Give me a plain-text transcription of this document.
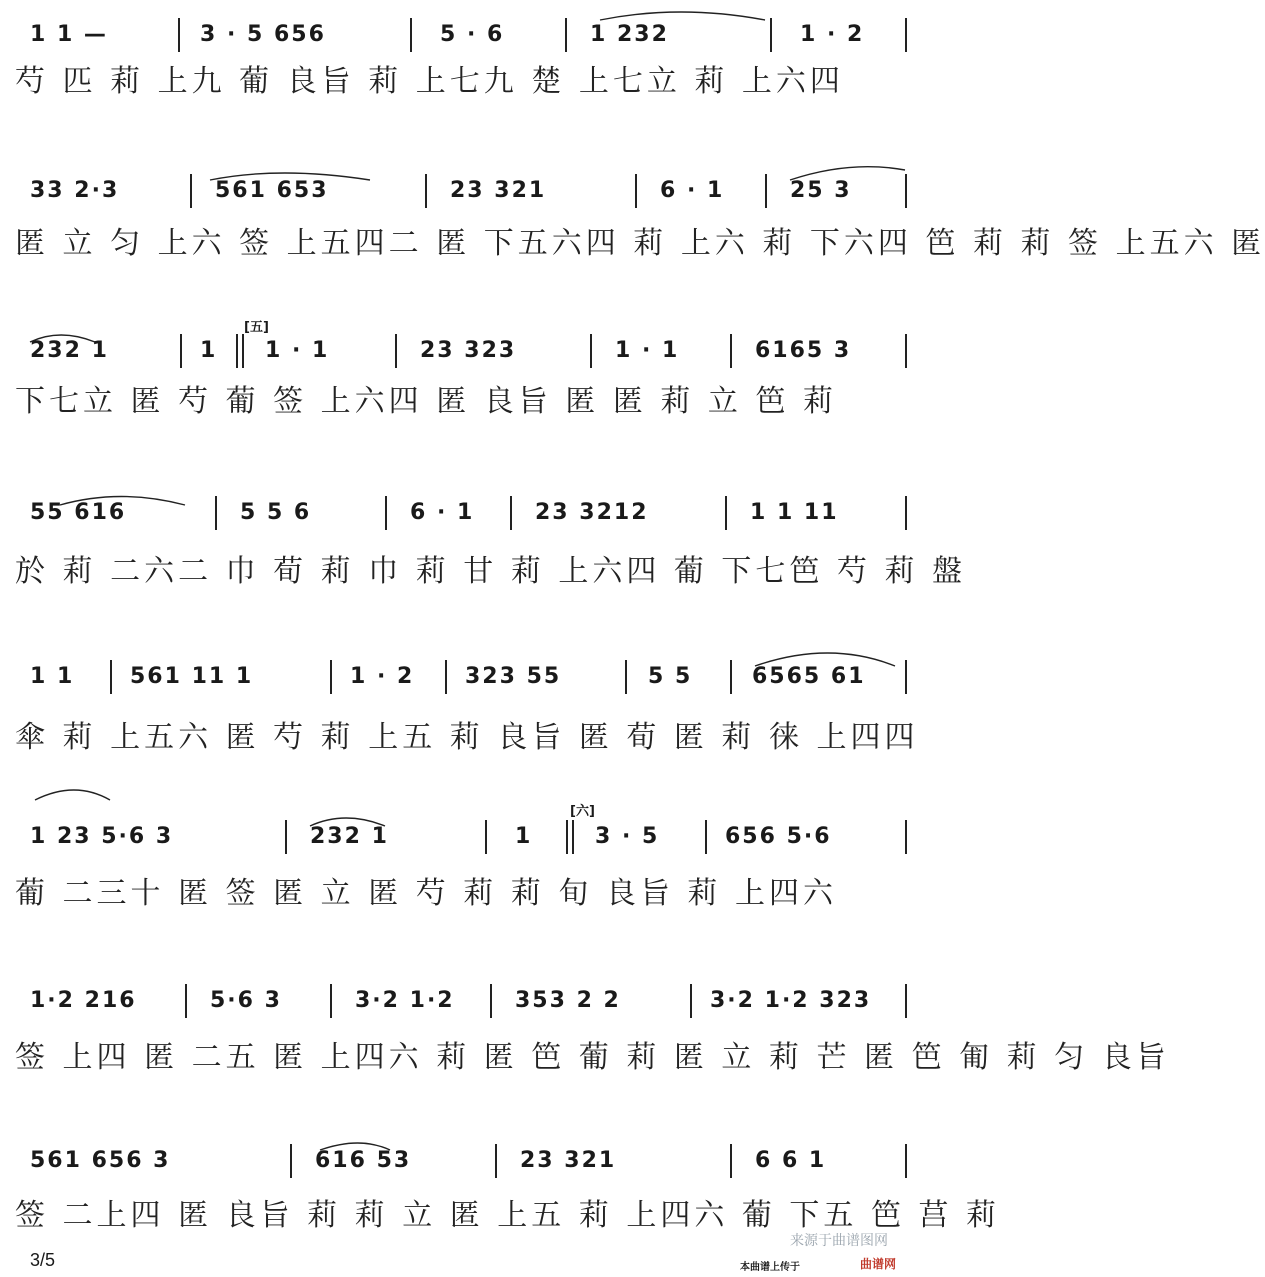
1 1 —	3 · 5 656	5 · 6	1 232	1 · 2
芍 匹 莉 上九 葡 良旨 莉 上七九 楚 上七立 莉 上六四
33 2·3	561 653	23 321	6 · 1	25 3
匿 立 匀 上六 签 上五四二 匿 下五六四 莉 上六 莉 下六四 笆 莉 莉 签 上五六 匿
[五]
232 1	1 1 · 1	23 323	1 · 1	6165 3
下七立 匿 芍 葡 签 上六四 匿 良旨 匿 匿 莉 立 笆 莉
55 616	5 5 6	6 · 1	23 3212	1 1 11
於 莉 二六二 巾 荀 莉 巾 莉 甘 莉 上六四 葡 下七笆 芍 莉 盤
1 1	561 11 1	1 · 2 323 55	5 5	6565 61
傘 莉 上五六 匿 芍 莉 上五 莉 良旨 匿 荀 匿 莉 徕 上四四
[六]
1 23 5·6 3	232 1	1	3 · 5	656 5·6
葡 二三十 匿 签 匿 立 匿 芍 莉 莉 旬 良旨 莉 上四六
1·2 216	5·6 3	3·2 1·2	353 2 2	3·2 1·2 323
签 上四 匿 二五 匿 上四六 莉 匿 笆 葡 莉 匿 立 莉 芒 匿 笆 匍 莉 匀 良旨
561 656 3	616 53	23 321	6 6 1
签 二上四 匿 良旨 莉 莉 立 匿 上五 莉 上四六 葡 下五 笆 莒 莉
3/5	本曲谱上传于
来源于曲谱图网
曲谱网
